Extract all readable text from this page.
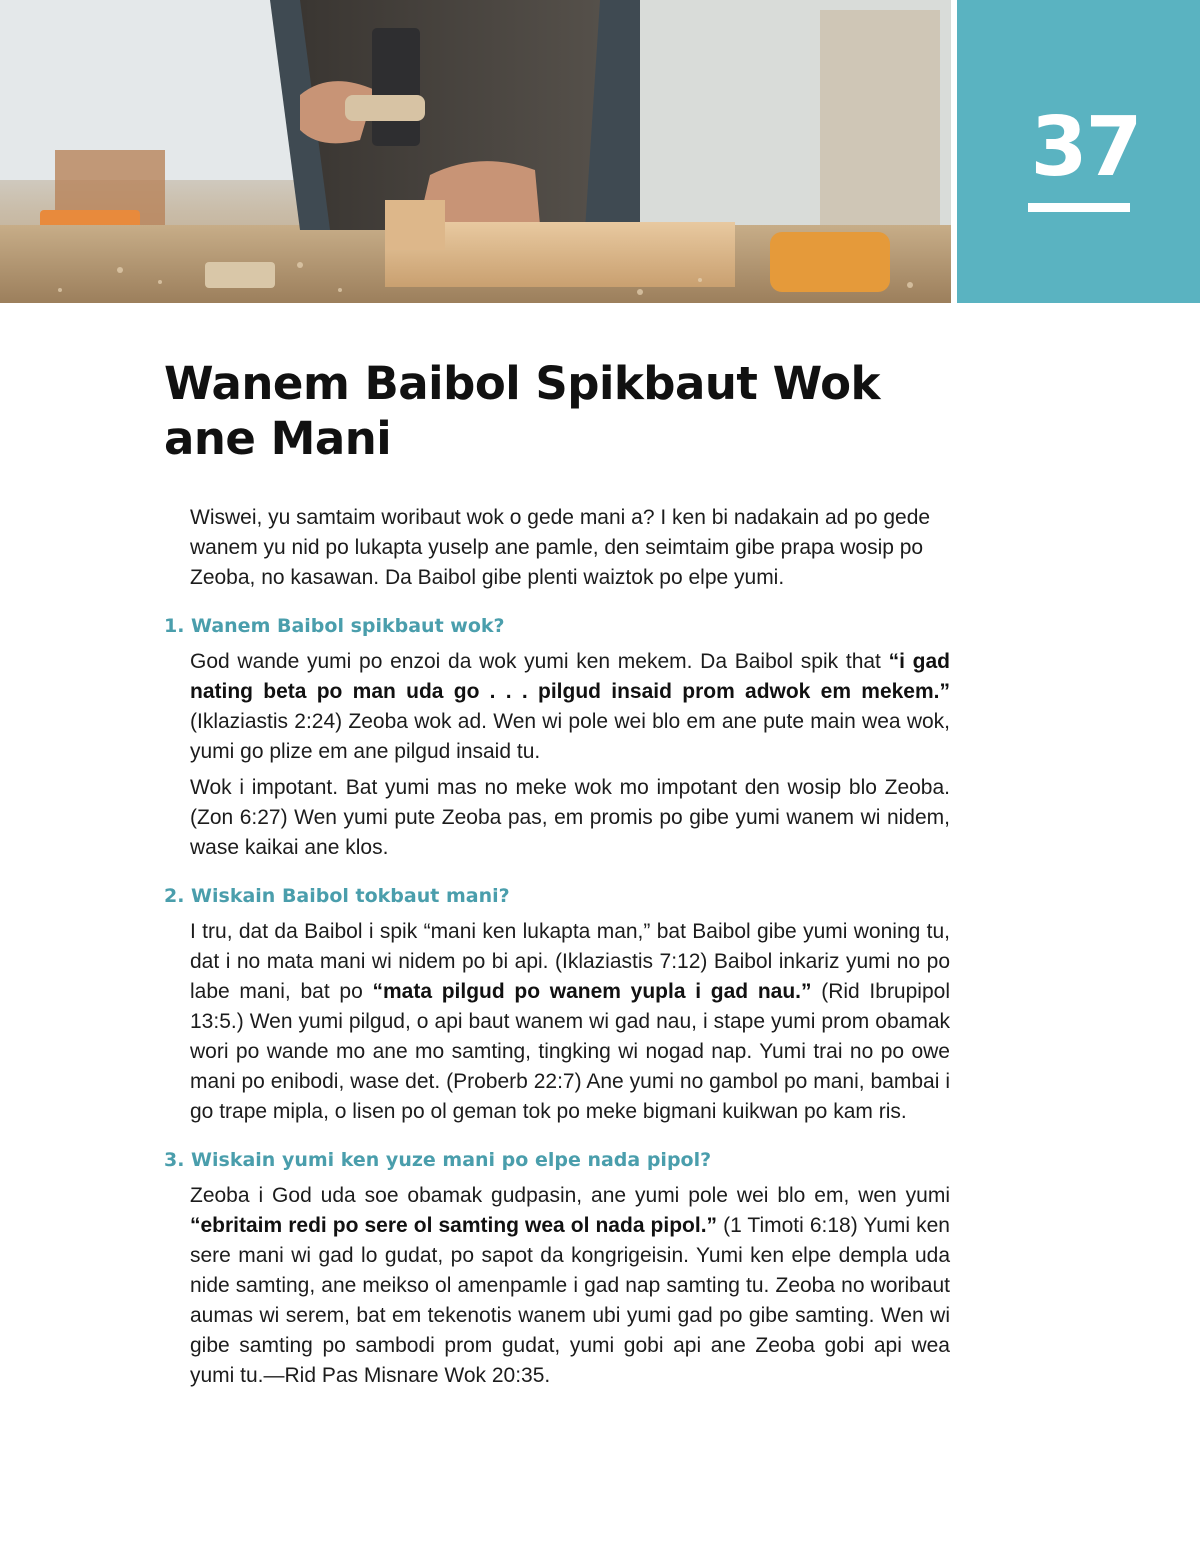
37
Wanem Baibol Spikbaut Wok ane Mani

Wiswei, yu samtaim woribaut wok o gede mani a? I ken bi nadakain ad po gede wanem yu nid po lukapta yuselp ane pamle, den seimtaim gibe prapa wosip po Zeoba, no kasawan. Da Baibol gibe plenti waiztok po elpe yumi.

1. Wanem Baibol spikbaut wok?

God wande yumi po enzoi da wok yumi ken mekem. Da Baibol spik that “i gad nating beta po man uda go . . . pilgud insaid prom adwok em mekem.” (Iklaziastis 2:24) Zeoba wok ad. Wen wi pole wei blo em ane pute main wea wok, yumi go plize em ane pilgud insaid tu.

Wok i impotant. Bat yumi mas no meke wok mo impotant den wosip blo Zeoba. (Zon 6:27) Wen yumi pute Zeoba pas, em promis po gibe yumi wanem wi nidem, wase kaikai ane klos.

2. Wiskain Baibol tokbaut mani?

I tru, dat da Baibol i spik “mani ken lukapta man,” bat Baibol gibe yumi woning tu, dat i no mata mani wi nidem po bi api. (Iklaziastis 7:12) Baibol inkariz yumi no po labe mani, bat po “mata pilgud po wanem yupla i gad nau.” (Rid Ibrupipol 13:5.) Wen yumi pilgud, o api baut wanem wi gad nau, i stape yumi prom obamak wori po wande mo ane mo samting, tingking wi nogad nap. Yumi trai no po owe mani po enibodi, wase det. (Proberb 22:7) Ane yumi no gambol po mani, bambai i go trape mipla, o lisen po ol geman tok po meke bigmani kuikwan po kam ris.

3. Wiskain yumi ken yuze mani po elpe nada pipol?

Zeoba i God uda soe obamak gudpasin, ane yumi pole wei blo em, wen yumi “ebritaim redi po sere ol samting wea ol nada pipol.” (1 Timoti 6:18) Yumi ken sere mani wi gad lo gudat, po sapot da kongrigeisin. Yumi ken elpe dempla uda nide samting, ane meikso ol amenpamle i gad nap samting tu. Zeoba no woribaut aumas wi serem, bat em tekenotis wanem ubi yumi gad po gibe samting. Wen wi gibe samting po sambodi prom gudat, yumi gobi api ane Zeoba gobi api wea yumi tu.—Rid Pas Misnare Wok 20:35.
